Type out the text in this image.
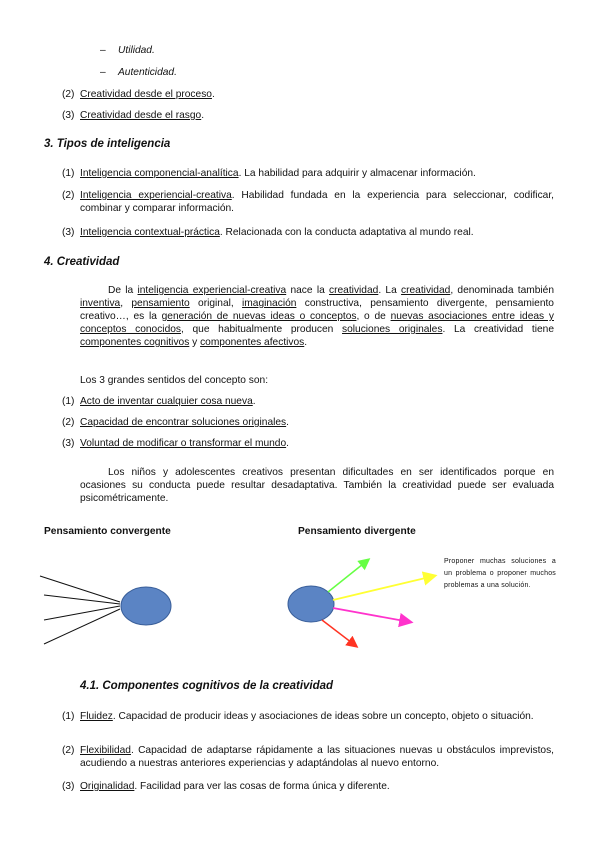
– Utilidad.
– Autenticidad.
(2) Creatividad desde el proceso.
(3) Creatividad desde el rasgo.
3. Tipos de inteligencia
(1) Inteligencia componencial-analítica. La habilidad para adquirir y almacenar información.
(2) Inteligencia experiencial-creativa. Habilidad fundada en la experiencia para seleccionar, codificar, combinar y comparar información.
(3) Inteligencia contextual-práctica. Relacionada con la conducta adaptativa al mundo real.
4. Creatividad
De la inteligencia experiencial-creativa nace la creatividad. La creatividad, denominada también inventiva, pensamiento original, imaginación constructiva, pensamiento divergente, pensamiento creativo…, es la generación de nuevas ideas o conceptos, o de nuevas asociaciones entre ideas y conceptos conocidos, que habitualmente producen soluciones originales. La creatividad tiene componentes cognitivos y componentes afectivos.
Los 3 grandes sentidos del concepto son:
(1) Acto de inventar cualquier cosa nueva.
(2) Capacidad de encontrar soluciones originales.
(3) Voluntad de modificar o transformar el mundo.
Los niños y adolescentes creativos presentan dificultades en ser identificados porque en ocasiones su conducta puede resultar desadaptativa. También la creatividad puede ser evaluada psicométricamente.
Pensamiento convergente	Pensamiento divergente
Proponer muchas soluciones a un problema o proponer muchos problemas a una solución.
4.1. Componentes cognitivos de la creatividad
(1) Fluidez. Capacidad de producir ideas y asociaciones de ideas sobre un concepto, objeto o situación.
(2) Flexibilidad. Capacidad de adaptarse rápidamente a las situaciones nuevas u obstáculos imprevistos, acudiendo a nuestras anteriores experiencias y adaptándolas al nuevo entorno.
(3) Originalidad. Facilidad para ver las cosas de forma única y diferente.
